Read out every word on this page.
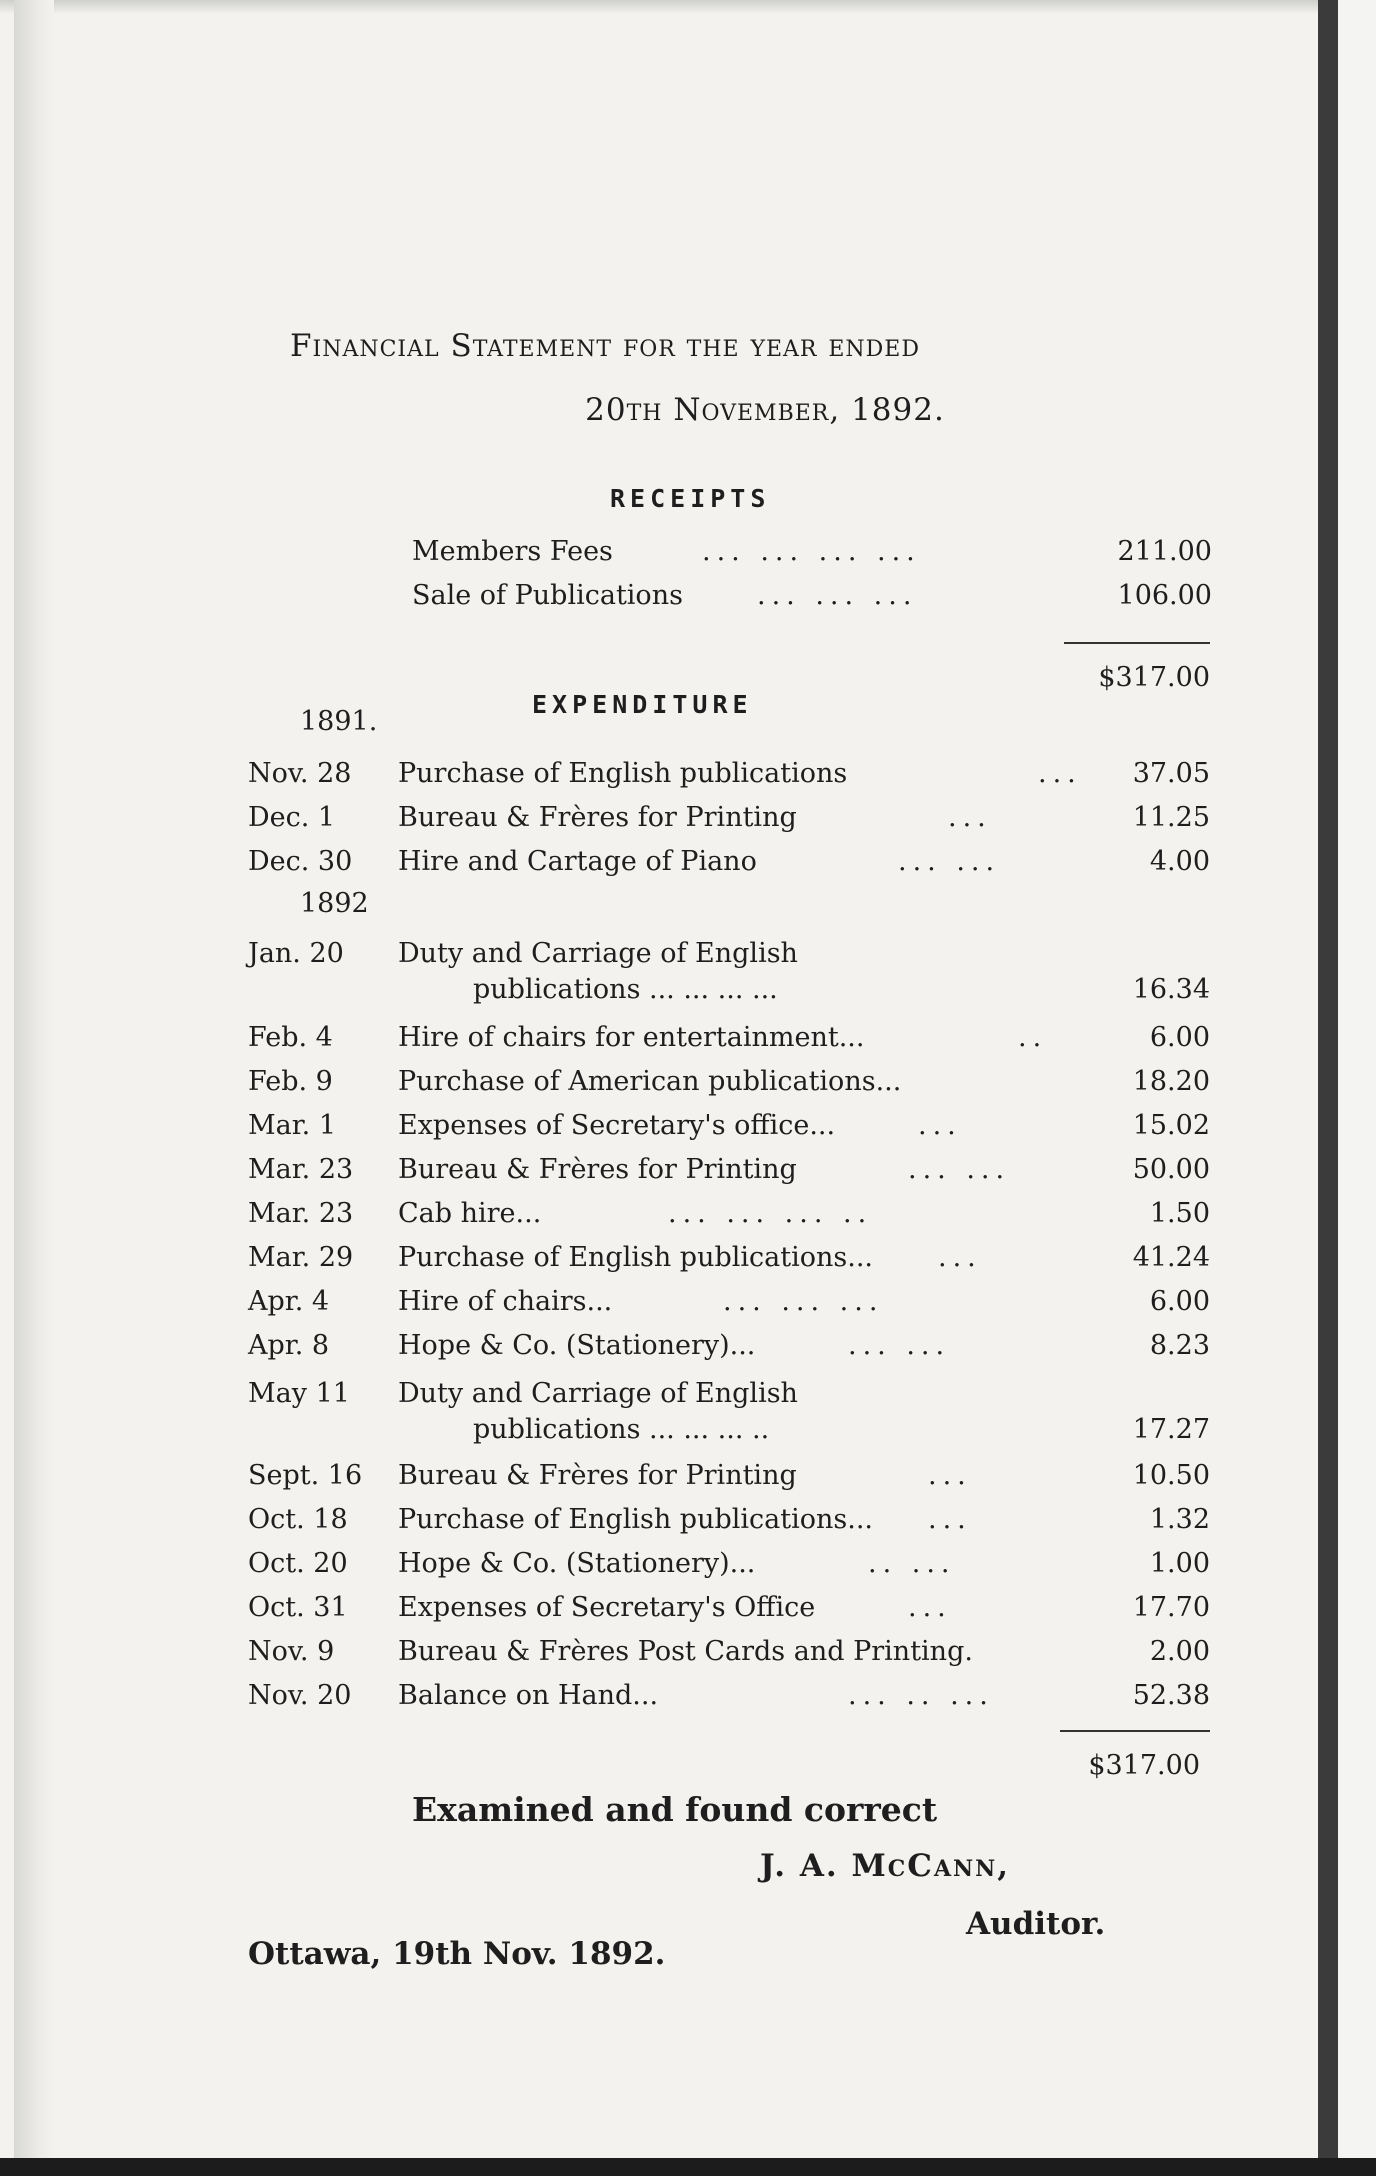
Financial Statement for the year ended
20th November, 1892.
RECEIPTS
Members Fees	... ... ... ...	211.00
Sale of Publications	... ... ...	106.00
$317.00
EXPENDITURE
1891.
Nov. 28	Purchase of English publications	... 37.05
Dec. 1	Bureau & Frères for Printing	...	11.25
Dec. 30	Hire and Cartage of Piano	... ...	4.00
1892
Jan. 20	Duty and Carriage of English
publications ... ... ... ...	16.34
Feb. 4	Hire of chairs for entertainment...	..	6.00
Feb. 9	Purchase of American publications...	18.20
Mar. 1	Expenses of Secretary's office...	...	15.02
Mar. 23	Bureau & Frères for Printing	... ...	50.00
Mar. 23	Cab hire...	... ... ... ..	1.50
Mar. 29	Purchase of English publications... ...	41.24
Apr. 4	Hire of chairs...	... ... ...	6.00
Apr. 8	Hope & Co. (Stationery)...	... ...	8.23
May 11	Duty and Carriage of English
publications ... ... ... ..	17.27
Sept. 16	Bureau & Frères for Printing	...	10.50
Oct. 18	Purchase of English publications... ...	1.32
Oct. 20	Hope & Co. (Stationery)...	.. ...	1.00
Oct. 31	Expenses of Secretary's Office	...	17.70
Nov. 9	Bureau & Frères Post Cards and Printing.	2.00
Nov. 20	Balance on Hand...	... .. ...	52.38
$317.00
Examined and found correct
J. A. McCann,
Auditor.
Ottawa, 19th Nov. 1892.
